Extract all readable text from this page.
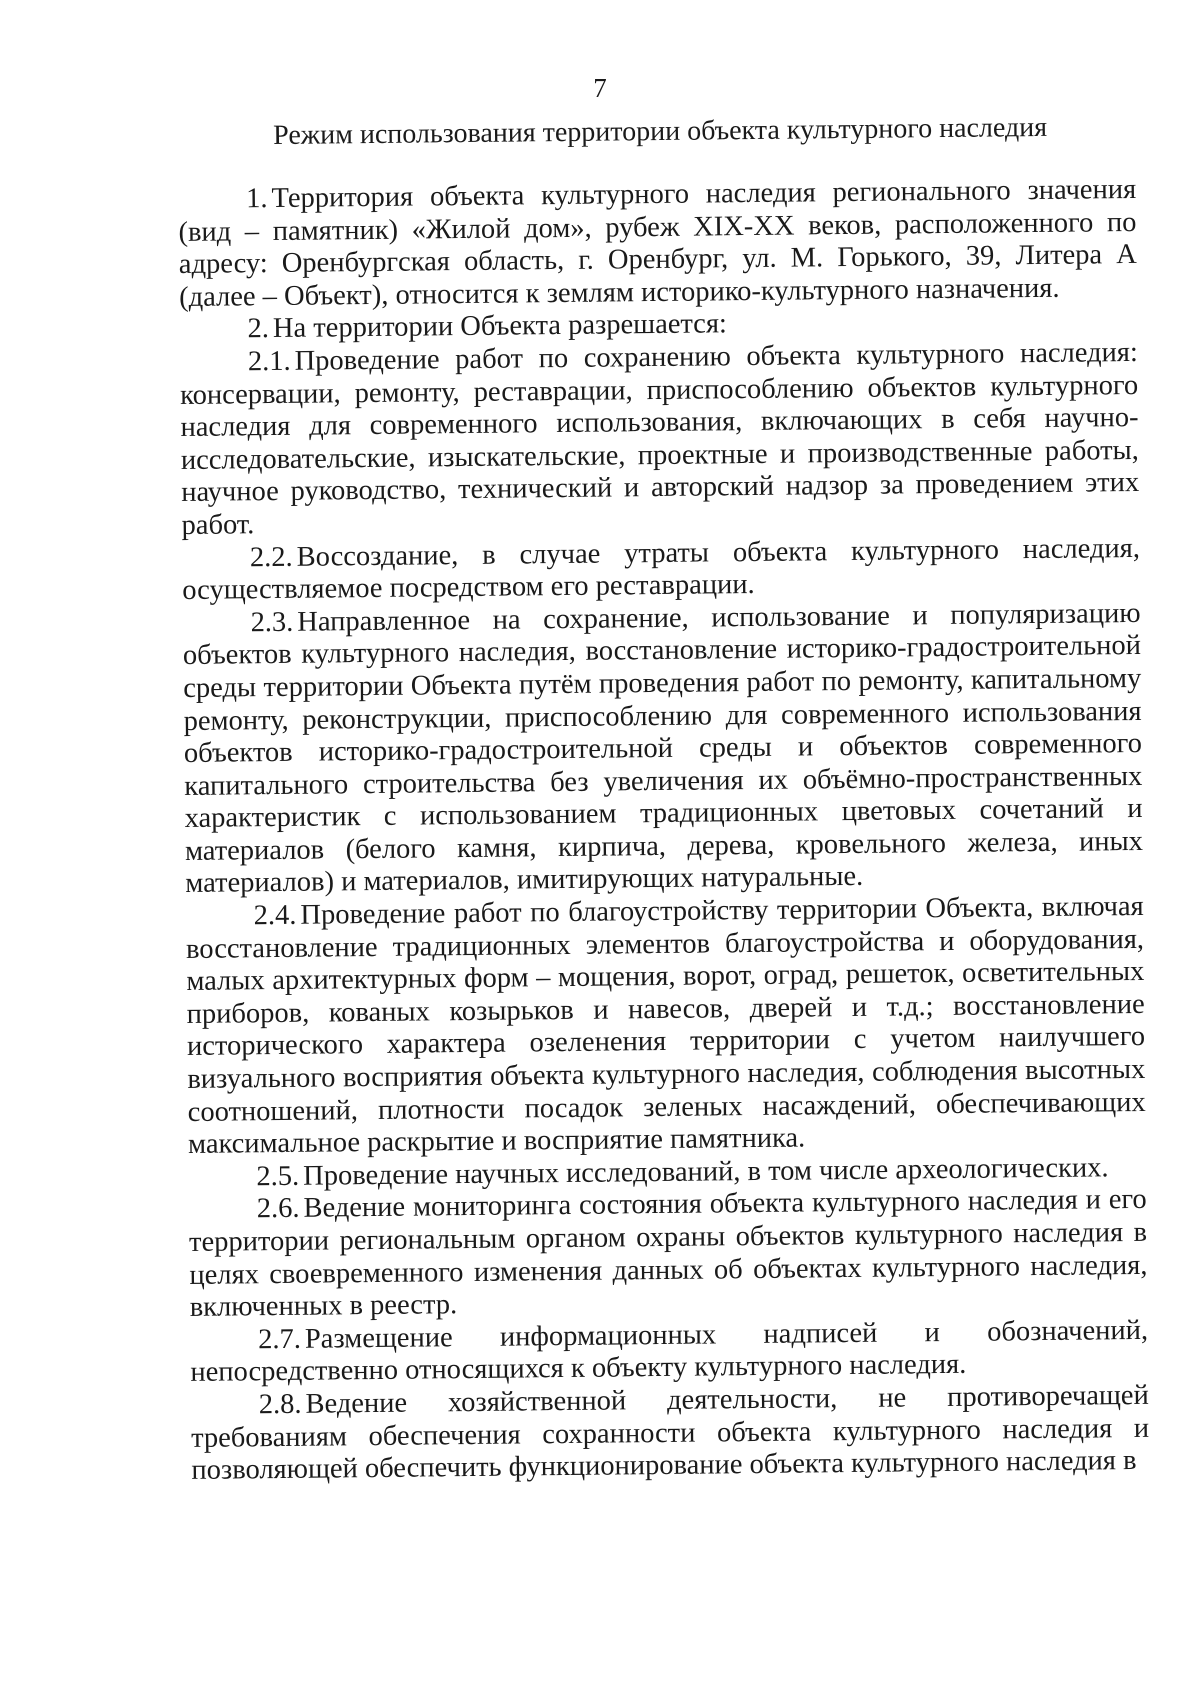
7
Режим использования территории объекта культурного наследия

1. Территория объекта культурного наследия регионального значения (вид – памятник) «Жилой дом», рубеж XIX-XX веков, расположенного по адресу: Оренбургская область, г. Оренбург, ул. М. Горького, 39, Литера А (далее – Объект), относится к землям историко-культурного назначения.

2. На территории Объекта разрешается:

2.1. Проведение работ по сохранению объекта культурного наследия: консервации, ремонту, реставрации, приспособлению объектов культурного наследия для современного использования, включающих в себя научно-исследовательские, изыскательские, проектные и производственные работы, научное руководство, технический и авторский надзор за проведением этих работ.

2.2. Воссоздание, в случае утраты объекта культурного наследия, осуществляемое посредством его реставрации.

2.3. Направленное на сохранение, использование и популяризацию объектов культурного наследия, восстановление историко-градостроительной среды территории Объекта путём проведения работ по ремонту, капитальному ремонту, реконструкции, приспособлению для современного использования объектов историко-градостроительной среды и объектов современного капитального строительства без увеличения их объёмно-пространственных характеристик с использованием традиционных цветовых сочетаний и материалов (белого камня, кирпича, дерева, кровельного железа, иных материалов) и материалов, имитирующих натуральные.

2.4. Проведение работ по благоустройству территории Объекта, включая восстановление традиционных элементов благоустройства и оборудования, малых архитектурных форм – мощения, ворот, оград, решеток, осветительных приборов, кованых козырьков и навесов, дверей и т.д.; восстановление исторического характера озеленения территории с учетом наилучшего визуального восприятия объекта культурного наследия, соблюдения высотных соотношений, плотности посадок зеленых насаждений, обеспечивающих максимальное раскрытие и восприятие памятника.

2.5. Проведение научных исследований, в том числе археологических.

2.6. Ведение мониторинга состояния объекта культурного наследия и его территории региональным органом охраны объектов культурного наследия в целях своевременного изменения данных об объектах культурного наследия, включенных в реестр.

2.7. Размещение информационных надписей и обозначений, непосредственно относящихся к объекту культурного наследия.

2.8. Ведение хозяйственной деятельности, не противоречащей требованиям обеспечения сохранности объекта культурного наследия и позволяющей обеспечить функционирование объекта культурного наследия в
